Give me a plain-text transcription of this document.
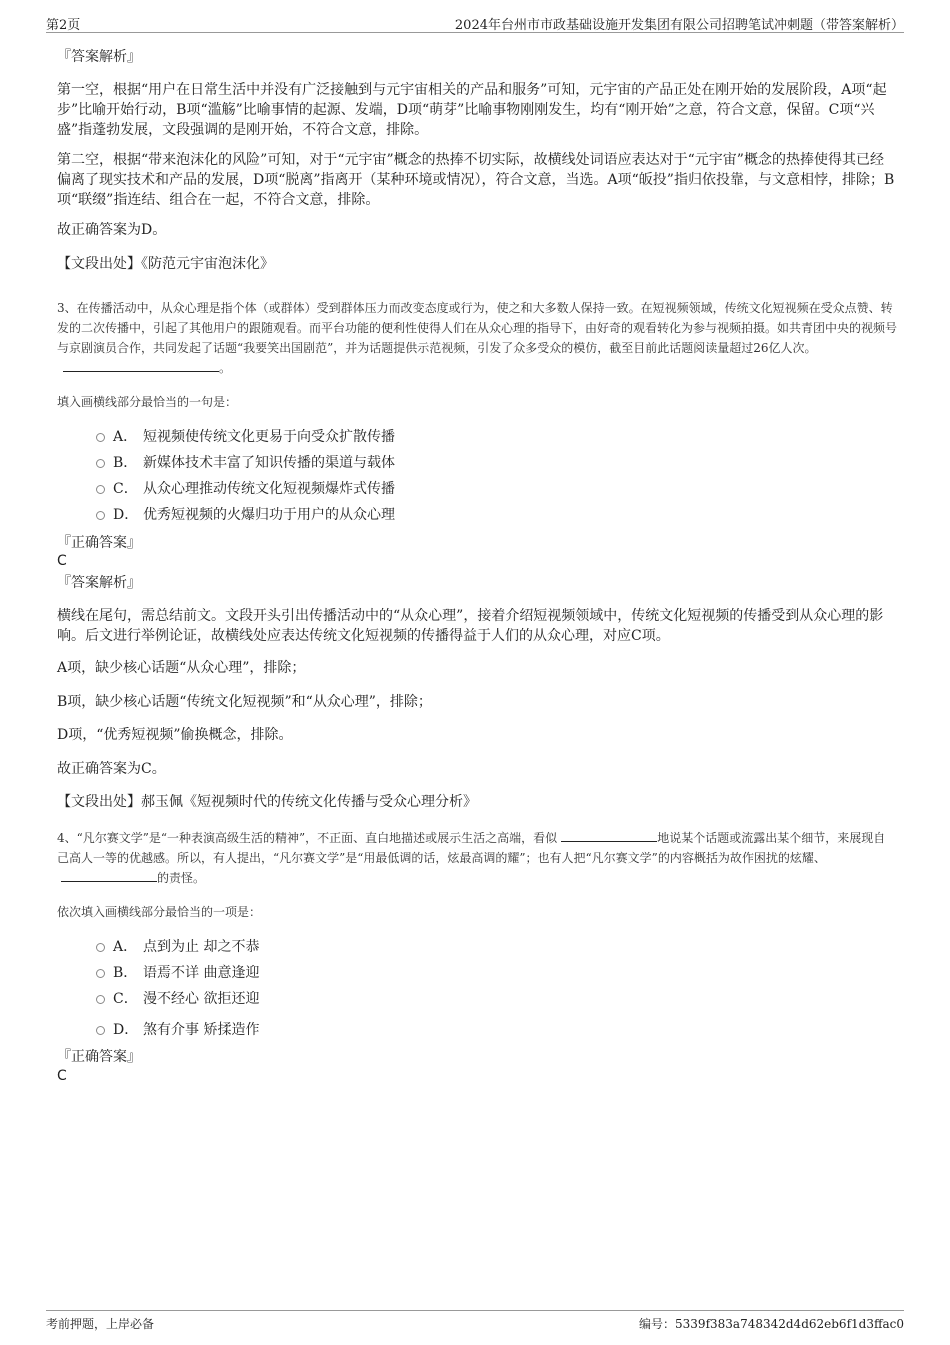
第2页	2024年台州市市政基础设施开发集团有限公司招聘笔试冲刺题（带答案解析）
『答案解析』
第一空，根据“用户在日常生活中并没有广泛接触到与元宇宙相关的产品和服务”可知，元宇宙的产品正处在刚开始的发展阶段，A项“起步”比喻开始行动，B项“滥觞”比喻事情的起源、发端，D项“萌芽”比喻事物刚刚发生，均有“刚开始”之意，符合文意，保留。C项“兴盛”指蓬勃发展，文段强调的是刚开始，不符合文意，排除。
第二空，根据“带来泡沫化的风险”可知，对于“元宇宙”概念的热捧不切实际，故横线处词语应表达对于“元宇宙”概念的热捧使得其已经偏离了现实技术和产品的发展，D项“脱离”指离开（某种环境或情况），符合文意，当选。A项“皈投”指归依投靠，与文意相悖，排除；B项“联缀”指连结、组合在一起，不符合文意，排除。
故正确答案为D。
【文段出处】《防范元宇宙泡沫化》
3、在传播活动中，从众心理是指个体（或群体）受到群体压力而改变态度或行为，使之和大多数人保持一致。在短视频领域，传统文化短视频在受众点赞、转发的二次传播中，引起了其他用户的跟随观看。而平台功能的便利性使得人们在从众心理的指导下，由好奇的观看转化为参与视频拍摄。如共青团中央的视频号与京剧演员合作，共同发起了话题“我要笑出国剧范”，并为话题提供示范视频，引发了众多受众的模仿，截至目前此话题阅读量超过26亿人次。。
填入画横线部分最恰当的一句是：
A． 短视频使传统文化更易于向受众扩散传播
B． 新媒体技术丰富了知识传播的渠道与载体
C． 从众心理推动传统文化短视频爆炸式传播
D． 优秀短视频的火爆归功于用户的从众心理
『正确答案』
C
『答案解析』
横线在尾句，需总结前文。文段开头引出传播活动中的“从众心理”，接着介绍短视频领域中，传统文化短视频的传播受到从众心理的影响。后文进行举例论证，故横线处应表达传统文化短视频的传播得益于人们的从众心理，对应C项。
A项，缺少核心话题“从众心理”，排除；
B项，缺少核心话题“传统文化短视频”和“从众心理”，排除；
D项，“优秀短视频”偷换概念，排除。
故正确答案为C。
【文段出处】郝玉佩《短视频时代的传统文化传播与受众心理分析》
4、“凡尔赛文学”是“一种表演高级生活的精神”，不正面、直白地描述或展示生活之高端，看似	地说某个话题或流露出某个细节，来展现自己高人一等的优越感。所以，有人提出，“凡尔赛文学”是“用最低调的话，炫最高调的耀”；也有人把“凡尔赛文学”的内容概括为故作困扰的炫耀、的责怪。
依次填入画横线部分最恰当的一项是：
A． 点到为止 却之不恭
B． 语焉不详 曲意逢迎
C． 漫不经心 欲拒还迎
D． 煞有介事 矫揉造作
『正确答案』
C
考前押题，上岸必备	编号：5339f383a748342d4d62eb6f1d3ffac0
